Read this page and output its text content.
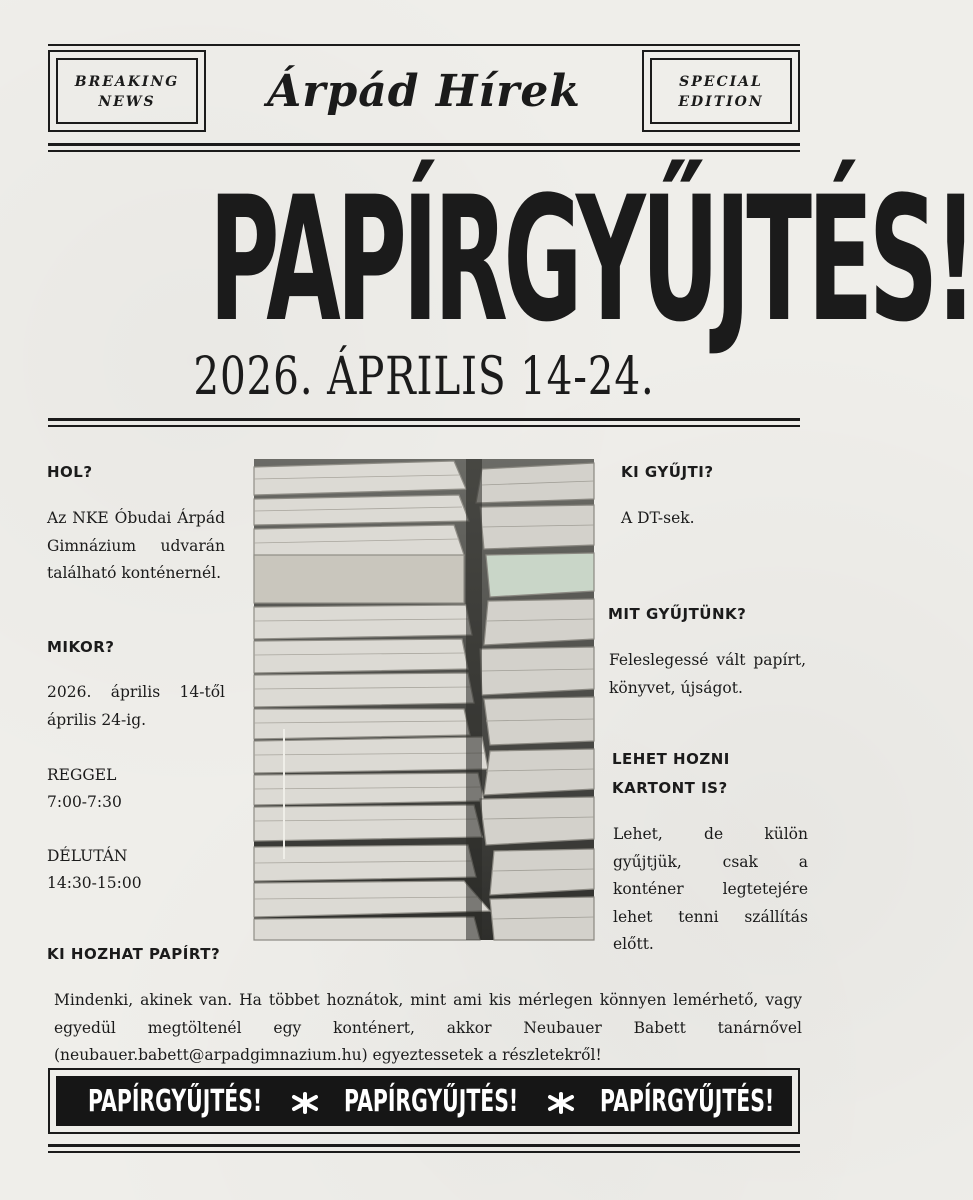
BREAKING
NEWS	Árpád Hírek	SPECIAL
EDITION
PAPÍRGYŰJTÉS!
2026. ÁPRILIS 14-24.
HOL?
Az NKE Óbudai Árpád Gimnázium udvarán található konténernél.
MIKOR?
2026. április 14-től április 24-ig.
REGGEL
7:00-7:30
DÉLUTÁN
14:30-15:00
KI HOZHAT PAPÍRT?
KI GYŰJTI?
A DT-sek.
MIT GYŰJTÜNK?
Feleslegessé vált papírt, könyvet, újságot.
LEHET HOZNI
KARTONT IS?
Lehet, de külön gyűjtjük, csak a konténer legtetejére lehet tenni szállítás előtt.
Mindenki, akinek van. Ha többet hoznátok, mint ami kis mérlegen könnyen lemérhető, vagy egyedül megtöltenél egy konténert, akkor Neubauer Babett tanárnővel (neubauer.babett@arpadgimnazium.hu) egyeztessetek a részletekről!
PAPÍRGYŰJTÉS!	PAPÍRGYŰJTÉS!	PAPÍRGYŰJTÉS!
